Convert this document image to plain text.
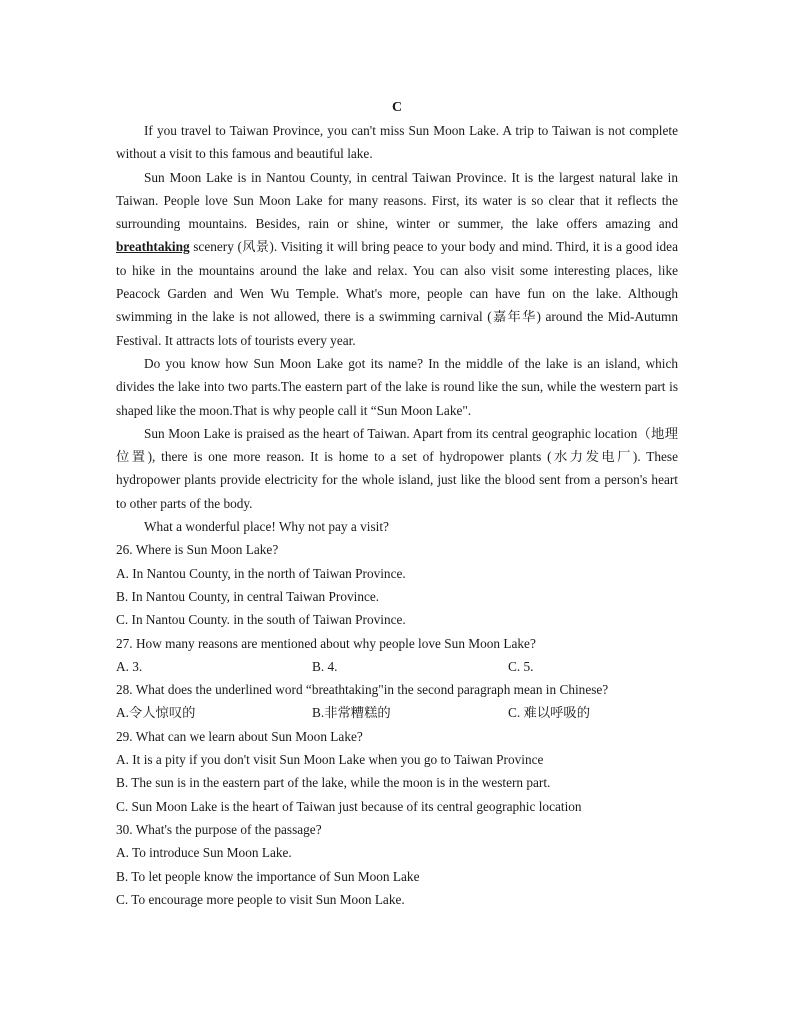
C

If you travel to Taiwan Province, you can't miss Sun Moon Lake. A trip to Taiwan is not complete without a visit to this famous and beautiful lake.

Sun Moon Lake is in Nantou County, in central Taiwan Province. It is the largest natural lake in Taiwan. People love Sun Moon Lake for many reasons. First, its water is so clear that it reflects the surrounding mountains. Besides, rain or shine, winter or summer, the lake offers amazing and breathtaking scenery (风景). Visiting it will bring peace to your body and mind. Third, it is a good idea to hike in the mountains around the lake and relax. You can also visit some interesting places, like Peacock Garden and Wen Wu Temple. What's more, people can have fun on the lake. Although swimming in the lake is not allowed, there is a swimming carnival (嘉年华) around the Mid-Autumn Festival. It attracts lots of tourists every year.

Do you know how Sun Moon Lake got its name? In the middle of the lake is an island, which divides the lake into two parts.The eastern part of the lake is round like the sun, while the western part is shaped like the moon.That is why people call it “Sun Moon Lake".

Sun Moon Lake is praised as the heart of Taiwan. Apart from its central geographic location（地理位置), there is one more reason. It is home to a set of hydropower plants (水力发电厂). These hydropower plants provide electricity for the whole island, just like the blood sent from a person's heart to other parts of the body.

What a wonderful place! Why not pay a visit?

26. Where is Sun Moon Lake?

A. In Nantou County, in the north of Taiwan Province.

B. In Nantou County, in central Taiwan Province.

C. In Nantou County. in the south of Taiwan Province.

27. How many reasons are mentioned about why people love Sun Moon Lake?

A. 3.	B. 4.	C. 5.

28. What does the underlined word “breathtaking"in the second paragraph mean in Chinese?

A.令人惊叹的	B.非常糟糕的	C. 难以呼吸的

29. What can we learn about Sun Moon Lake?

A. It is a pity if you don't visit Sun Moon Lake when you go to Taiwan Province

B. The sun is in the eastern part of the lake, while the moon is in the western part.

C. Sun Moon Lake is the heart of Taiwan just because of its central geographic location

30. What's the purpose of the passage?

A. To introduce Sun Moon Lake.

B. To let people know the importance of Sun Moon Lake

C. To encourage more people to visit Sun Moon Lake.
